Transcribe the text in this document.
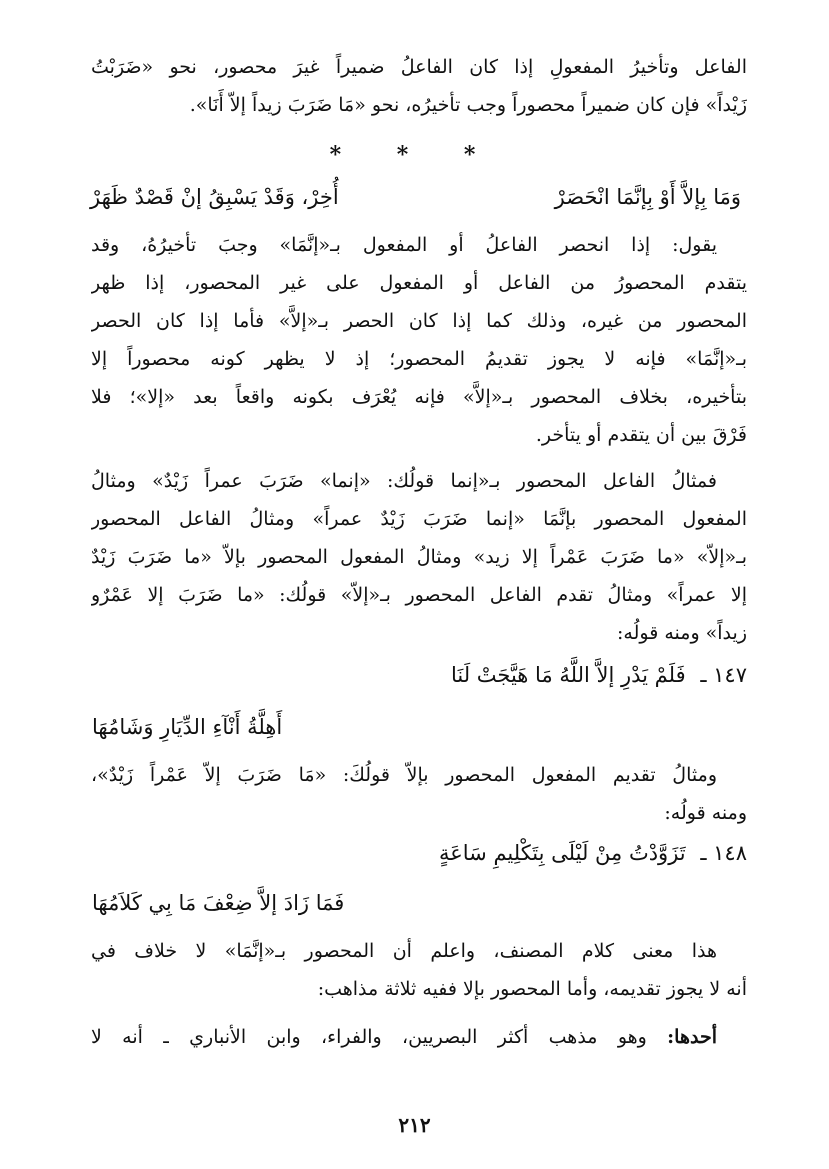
الفاعل وتأخيرُ المفعولِ إذا كان الفاعلُ ضميراً غيرَ محصور، نحو «ضَرَبْتُ
زَيْداً» فإن كان ضميراً محصوراً وجب تأخيرُه، نحو «مَا ضَرَبَ زيداً إلاّ أَنَا».
* * *
وَمَا بِإلاَّ أَوْ بِإنَّمَا انْحَصَرْ
أُخِرْ، وَقَدْ يَسْبِقُ إنْ قَصْدٌ ظَهَرْ
يقول: إذا انحصر الفاعلُ أو المفعول بـ«إنَّمَا» وجبَ تأخيرُهُ، وقد
يتقدم المحصورُ من الفاعل أو المفعول على غير المحصور، إذا ظهر
المحصور من غيره، وذلك كما إذا كان الحصر بـ«إلاَّ» فأما إذا كان الحصر
بـ«إنَّمَا» فإنه لا يجوز تقديمُ المحصور؛ إذ لا يظهر كونه محصوراً إلا
بتأخيره، بخلاف المحصور بـ«إلاَّ» فإنه يُعْرَف بكونه واقعاً بعد «إلا»؛ فلا
فَرْقَ بين أن يتقدم أو يتأخر.
فمثالُ الفاعل المحصور بـ«إنما قولُك: «إنما» ضَرَبَ عمراً زَيْدٌ» ومثالُ
المفعول المحصور بإنَّمَا «إنما ضَرَبَ زَيْدٌ عمراً» ومثالُ الفاعل المحصور
بـ«إلاّ» «ما ضَرَبَ عَمْراً إلا زيد» ومثالُ المفعول المحصور بإلاّ «ما ضَرَبَ زَيْدٌ
إلا عمراً» ومثالُ تقدم الفاعل المحصور بـ«إلاّ» قولُك: «ما ضَرَبَ إلا عَمْرٌو
زيداً» ومنه قولُه:
١٤٧ ـ فَلَمْ يَدْرِ إلاَّ اللَّهُ مَا هَيَّجَتْ لَنَا
أَهِلَّةُ أَنْآءِ الدِّيَارِ وَشَامُهَا
ومثالُ تقديم المفعول المحصور بإلاّ قولُكَ: «مَا ضَرَبَ إلاّ عَمْراً زَيْدٌ»،
ومنه قولُه:
١٤٨ ـ تَزَوَّدْتُ مِنْ لَيْلَى بِتَكْلِيمِ سَاعَةٍ
فَمَا زَادَ إلاَّ ضِعْفَ مَا بِي كَلاَمُهَا
هذا معنى كلام المصنف، واعلم أن المحصور بـ«إنَّمَا» لا خلاف في
أنه لا يجوز تقديمه، وأما المحصور بإلا ففيه ثلاثة مذاهب:
أحدها: وهو مذهب أكثر البصريين، والفراء، وابن الأنباري ـ أنه لا
٢١٢
